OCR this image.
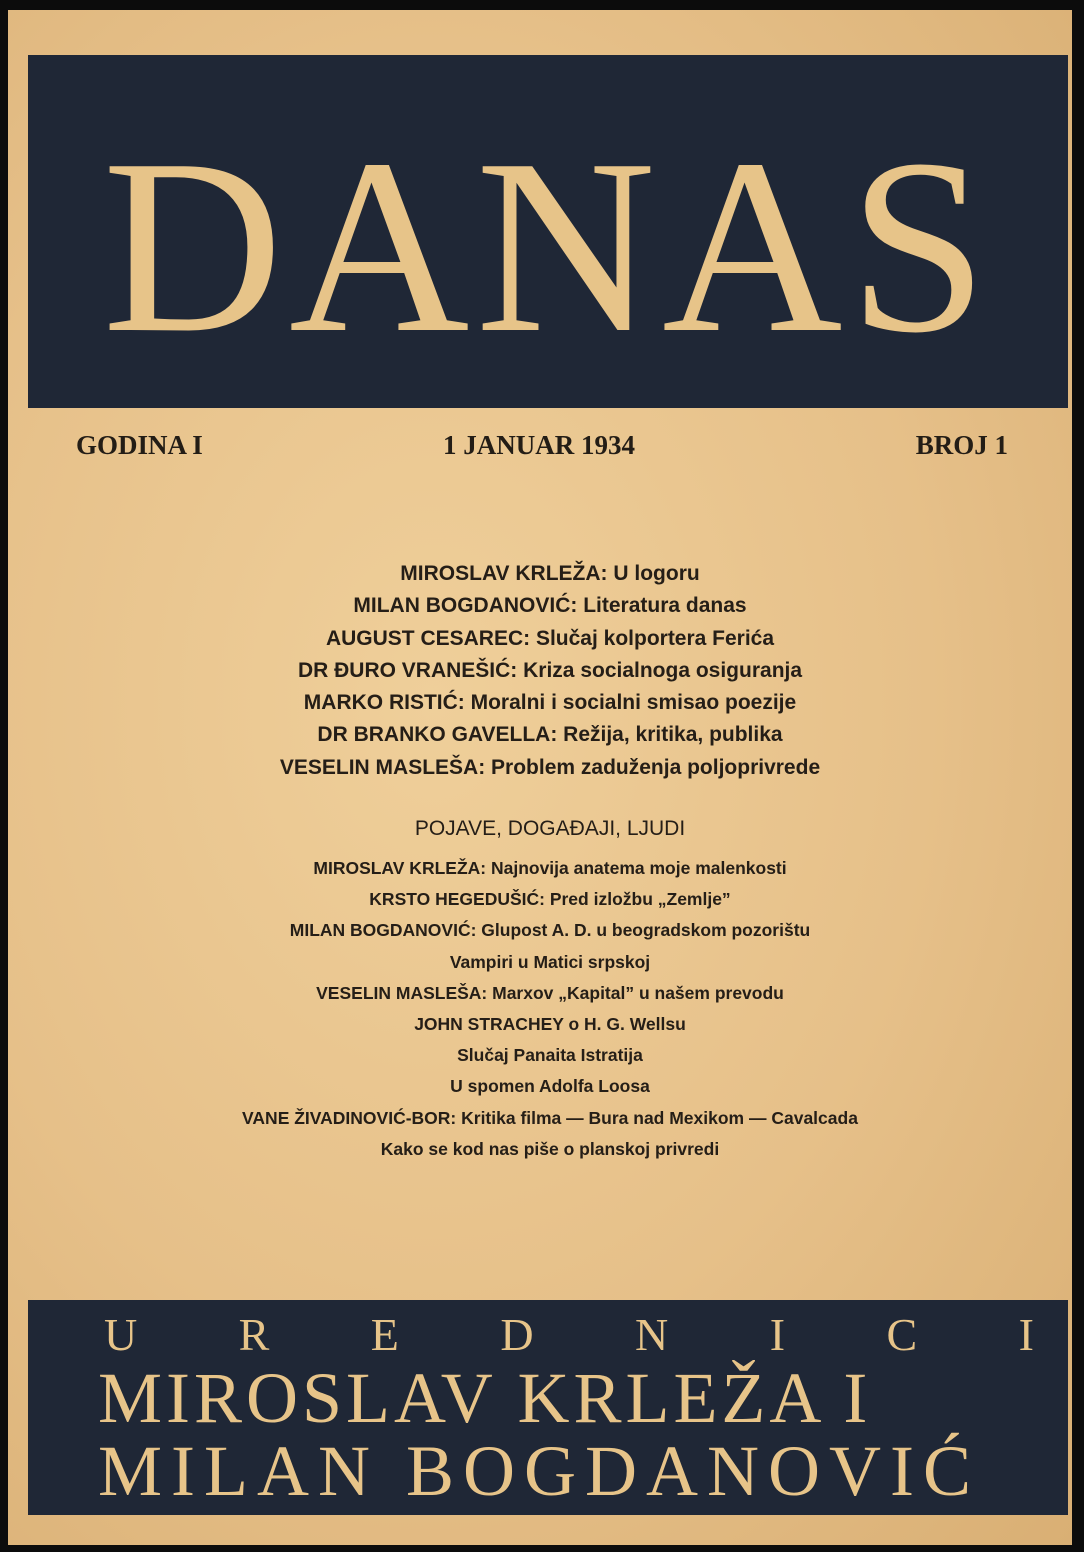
DANAS
GODINA I	1 JANUAR 1934	BROJ 1
MIROSLAV KRLEŽA: U logoru
MILAN BOGDANOVIĆ: Literatura danas
AUGUST CESAREC: Slučaj kolportera Ferića
DR ĐURO VRANEŠIĆ: Kriza socialnoga osiguranja
MARKO RISTIĆ: Moralni i socialni smisao poezije
DR BRANKO GAVELLA: Režija, kritika, publika
VESELIN MASLEŠA: Problem zaduženja poljoprivrede
POJAVE, DOGAĐAJI, LJUDI
MIROSLAV KRLEŽA: Najnovija anatema moje malenkosti
KRSTO HEGEDUŠIĆ: Pred izložbu „Zemlje”
MILAN BOGDANOVIĆ: Glupost A. D. u beogradskom pozorištu
Vampiri u Matici srpskoj
VESELIN MASLEŠA: Marxov „Kapital” u našem prevodu
JOHN STRACHEY o H. G. Wellsu
Slučaj Panaita Istratija
U spomen Adolfa Loosa
VANE ŽIVADINOVIĆ-BOR: Kritika filma — Bura nad Mexikom — Cavalcada
Kako se kod nas piše o planskoj privredi
U R E D N I C I
MIROSLAV KRLEŽA I
MILAN BOGDANOVIĆ
